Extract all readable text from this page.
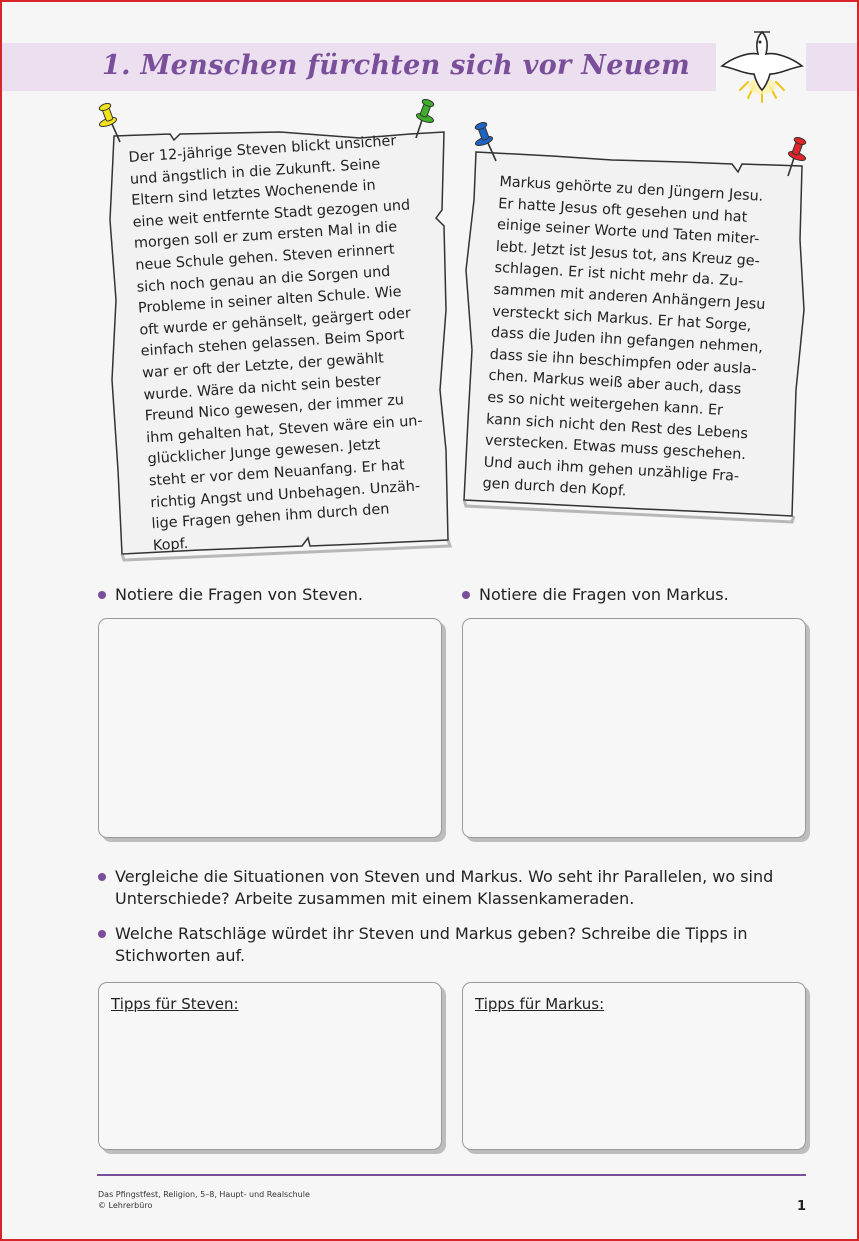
1. Menschen fürchten sich vor Neuem
Der 12-jährige Steven blickt unsicher
und ängstlich in die Zukunft. Seine
Eltern sind letztes Wochenende in
eine weit entfernte Stadt gezogen und
morgen soll er zum ersten Mal in die
neue Schule gehen. Steven erinnert
sich noch genau an die Sorgen und
Probleme in seiner alten Schule. Wie
oft wurde er gehänselt, geärgert oder
einfach stehen gelassen. Beim Sport
war er oft der Letzte, der gewählt
wurde. Wäre da nicht sein bester
Freund Nico gewesen, der immer zu
ihm gehalten hat, Steven wäre ein un-
glücklicher Junge gewesen. Jetzt
steht er vor dem Neuanfang. Er hat
richtig Angst und Unbehagen. Unzäh-
lige Fragen gehen ihm durch den
Kopf.
Markus gehörte zu den Jüngern Jesu.
Er hatte Jesus oft gesehen und hat
einige seiner Worte und Taten miter-
lebt. Jetzt ist Jesus tot, ans Kreuz ge-
schlagen. Er ist nicht mehr da. Zu-
sammen mit anderen Anhängern Jesu
versteckt sich Markus. Er hat Sorge,
dass die Juden ihn gefangen nehmen,
dass sie ihn beschimpfen oder ausla-
chen. Markus weiß aber auch, dass
es so nicht weitergehen kann. Er
kann sich nicht den Rest des Lebens
verstecken. Etwas muss geschehen.
Und auch ihm gehen unzählige Fra-
gen durch den Kopf.
Notiere die Fragen von Steven.	Notiere die Fragen von Markus.
Vergleiche die Situationen von Steven und Markus. Wo seht ihr Parallelen, wo sind Unterschiede? Arbeite zusammen mit einem Klassenkameraden.
Welche Ratschläge würdet ihr Steven und Markus geben? Schreibe die Tipps in Stichworten auf.
Tipps für Steven:	Tipps für Markus:
Das Pfingstfest, Religion, 5–8, Haupt- und Realschule
© Lehrerbüro	1
